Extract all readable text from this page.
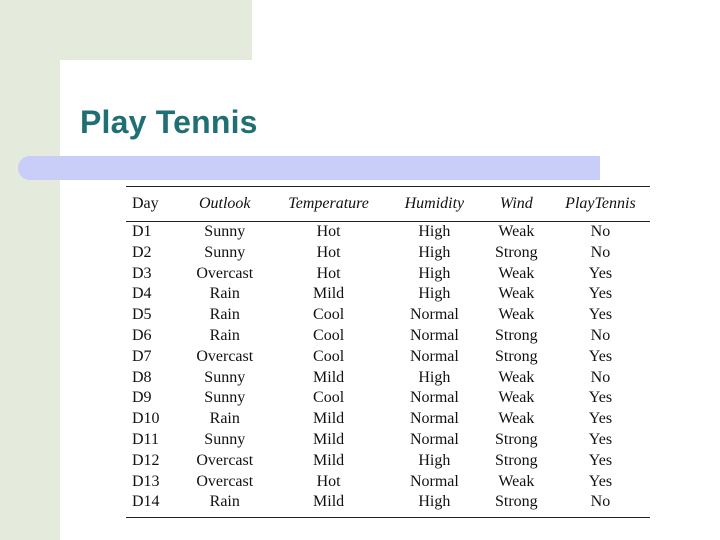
Play Tennis
Day	Outlook	Temperature	Humidity	Wind	PlayTennis

D1	Sunny	Hot	High	Weak	No
D2	Sunny	Hot	High	Strong	No
D3	Overcast	Hot	High	Weak	Yes
D4	Rain	Mild	High	Weak	Yes
D5	Rain	Cool	Normal	Weak	Yes
D6	Rain	Cool	Normal	Strong	No
D7	Overcast	Cool	Normal	Strong	Yes
D8	Sunny	Mild	High	Weak	No
D9	Sunny	Cool	Normal	Weak	Yes
D10	Rain	Mild	Normal	Weak	Yes
D11	Sunny	Mild	Normal	Strong	Yes
D12	Overcast	Mild	High	Strong	Yes
D13	Overcast	Hot	Normal	Weak	Yes
D14	Rain	Mild	High	Strong	No
